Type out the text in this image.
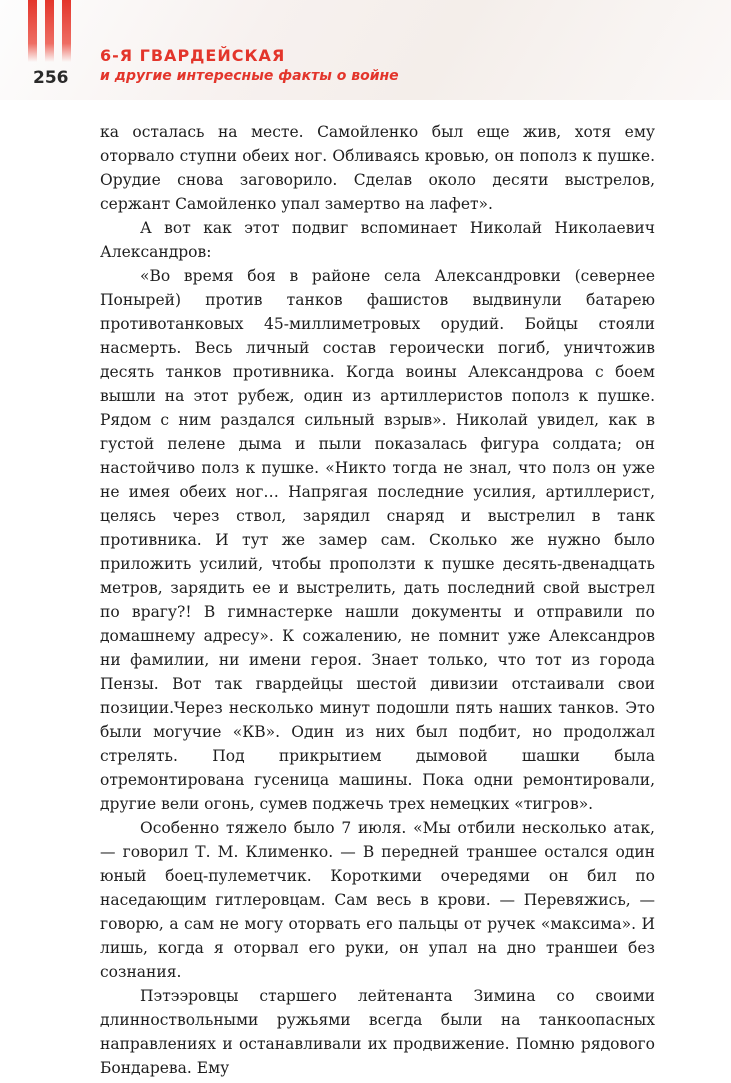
256
6-Я ГВАРДЕЙСКАЯ
и другие интересные факты о войне

ка осталась на месте. Самойленко был еще жив, хотя ему оторвало ступни обеих ног. Обливаясь кровью, он пополз к пушке. Орудие снова заговорило. Сделав около десяти выстрелов, сержант Самойленко упал замертво на лафет».

А вот как этот подвиг вспоминает Николай Николаевич Александров:

«Во время боя в районе села Александровки (севернее Поныpей) против танков фашистов выдвинули батарею противотанковых 45-миллиметровых орудий. Бойцы стояли насмерть. Весь личный состав героически погиб, уничтожив десять танков противника. Когда воины Александрова с боем вышли на этот рубеж, один из артиллеристов пополз к пушке. Рядом с ним раздался сильный взрыв». Николай увидел, как в густой пелене дыма и пыли показалась фигура солдата; он настойчиво полз к пушке. «Никто тогда не знал, что полз он уже не имея обеих ног… Напрягая последние усилия, артиллерист, целясь через ствол, зарядил снаряд и выстрелил в танк противника. И тут же замер сам. Сколько же нужно было приложить усилий, чтобы проползти к пушке десять-двенадцать метров, зарядить ее и выстрелить, дать последний свой выстрел по врагу?! В гимнастерке нашли документы и отправили по домашнему адресу». К сожалению, не помнит уже Александров ни фамилии, ни имени героя. Знает только, что тот из города Пензы. Вот так гвардейцы шестой дивизии отстаивали свои позиции.Через несколько минут подошли пять наших танков. Это были могучие «КВ». Один из них был подбит, но продолжал стрелять. Под прикрытием дымовой шашки была отремонтирована гусеница машины. Пока одни ремонтировали, другие вели огонь, сумев поджечь трех немецких «тигров».

Особенно тяжело было 7 июля. «Мы отбили несколько атак, — говорил Т. М. Клименко. — В передней траншее остался один юный боец-пулеметчик. Короткими очередями он бил по наседающим гитлеровцам. Сам весь в крови. — Перевяжись, — говорю, а сам не могу оторвать его пальцы от ручек «максима». И лишь, когда я оторвал его руки, он упал на дно траншеи без сознания.

Пэтээровцы старшего лейтенанта Зимина со своими длинноствольными ружьями всегда были на танкоопасных направлениях и останавливали их продвижение. Помню рядового Бондарева. Ему
